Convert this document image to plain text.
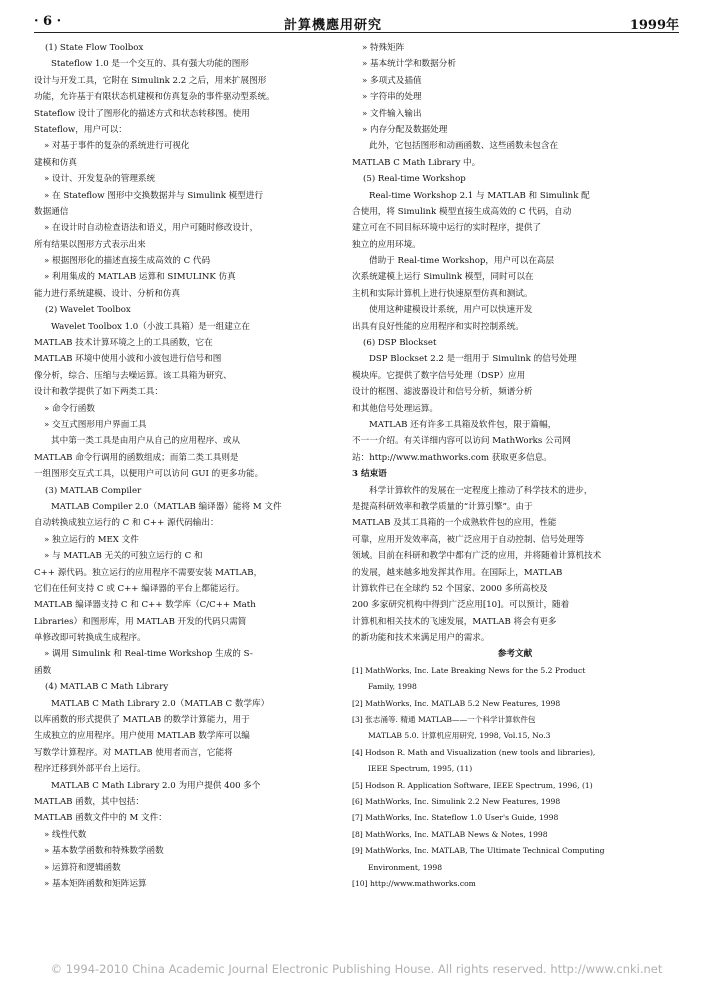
· 6 ·	計算機應用研究	1999年
(1) State Flow Toolbox
Stateflow 1.0 是一个交互的、具有强大功能的图形
设计与开发工具，它附在 Simulink 2.2 之后，用来扩展图形
功能，允许基于有限状态机建模和仿真复杂的事件驱动型系统。
Stateflow 设计了图形化的描述方式和状态转移图。使用
Stateflow，用户可以：
» 对基于事件的复杂的系统进行可视化
建模和仿真
» 设计、开发复杂的管理系统
» 在 Stateflow 图形中交换数据并与 Simulink 模型进行
数据通信
» 在设计时自动检查语法和语义，用户可随时修改设计，
所有结果以图形方式表示出来
» 根据图形化的描述直接生成高效的 C 代码
» 利用集成的 MATLAB 运算和 SIMULINK 仿真
能力进行系统建模、设计、分析和仿真
(2) Wavelet Toolbox
Wavelet Toolbox 1.0（小波工具箱）是一组建立在
MATLAB 技术计算环境之上的工具函数，它在
MATLAB 环境中使用小波和小波包进行信号和图
像分析，综合、压缩与去噪运算。该工具箱为研究、
设计和教学提供了如下两类工具：
» 命令行函数
» 交互式图形用户界面工具
其中第一类工具是由用户从自己的应用程序、或从
MATLAB 命令行调用的函数组成；而第二类工具则是
一组图形交互式工具，以便用户可以访问 GUI 的更多功能。
(3) MATLAB Compiler
MATLAB Compiler 2.0（MATLAB 编译器）能将 M 文件
自动转换成独立运行的 C 和 C++ 源代码输出：
» 独立运行的 MEX 文件
» 与 MATLAB 无关的可独立运行的 C 和
C++ 源代码。独立运行的应用程序不需要安装 MATLAB，
它们在任何支持 C 或 C++ 编译器的平台上都能运行。
MATLAB 编译器支持 C 和 C++ 数学库（C/C++ Math
Libraries）和图形库，用 MATLAB 开发的代码只需简
单修改即可转换成生成程序。
» 调用 Simulink 和 Real-time Workshop 生成的 S-
函数
(4) MATLAB C Math Library
MATLAB C Math Library 2.0（MATLAB C 数学库）
以库函数的形式提供了 MATLAB 的数学计算能力，用于
生成独立的应用程序。用户使用 MATLAB 数学库可以编
写数学计算程序。对 MATLAB 使用者而言，它能将
程序迁移到外部平台上运行。
MATLAB C Math Library 2.0 为用户提供 400 多个
MATLAB 函数，其中包括：
MATLAB 函数文件中的 M 文件：
» 线性代数
» 基本数学函数和特殊数学函数
» 运算符和逻辑函数
» 基本矩阵函数和矩阵运算
» 特殊矩阵
» 基本统计学和数据分析
» 多项式及插值
» 字符串的处理
» 文件输入输出
» 内存分配及数据处理
此外，它包括图形和动画函数、这些函数未包含在
MATLAB C Math Library 中。
(5) Real-time Workshop
Real-time Workshop 2.1 与 MATLAB 和 Simulink 配
合使用，将 Simulink 模型直接生成高效的 C 代码，自动
建立可在不同目标环境中运行的实时程序，提供了
独立的应用环境。
借助于 Real-time Workshop，用户可以在高层
次系统建模上运行 Simulink 模型，同时可以在
主机和实际计算机上进行快速原型仿真和测试。
使用这种建模设计系统，用户可以快速开发
出具有良好性能的应用程序和实时控制系统。
(6) DSP Blockset
DSP Blockset 2.2 是一组用于 Simulink 的信号处理
模块库。它提供了数字信号处理（DSP）应用
设计的框图、滤波器设计和信号分析，频谱分析
和其他信号处理运算。
MATLAB 还有许多工具箱及软件包，限于篇幅，
不一一介绍。有关详细内容可以访问 MathWorks 公司网
站：http://www.mathworks.com 获取更多信息。
3 结束语
科学计算软件的发展在一定程度上推动了科学技术的进步，
是提高科研效率和教学质量的“计算引擎”。由于
MATLAB 及其工具箱的一个成熟软件包的应用，性能
可靠，应用开发效率高，被广泛应用于自动控制、信号处理等
领域。目前在科研和教学中都有广泛的应用，并将随着计算机技术
的发展，越来越多地发挥其作用。在国际上，MATLAB
计算软件已在全球约 52 个国家、2000 多所高校及
200 多家研究机构中得到广泛应用[10]。可以预计，随着
计算机和相关技术的飞速发展，MATLAB 将会有更多
的新功能和技术来满足用户的需求。
参考文献
[1] MathWorks, Inc. Late Breaking News for the 5.2 Product
Family, 1998
[2] MathWorks, Inc. MATLAB 5.2 New Features, 1998
[3] 张志涌等. 精通 MATLAB——一个科学计算软件包
MATLAB 5.0. 计算机应用研究, 1998, Vol.15, No.3
[4] Hodson R. Math and Visualization (new tools and libraries),
IEEE Spectrum, 1995, (11)
[5] Hodson R. Application Software, IEEE Spectrum, 1996, (1)
[6] MathWorks, Inc. Simulink 2.2 New Features, 1998
[7] MathWorks, Inc. Stateflow 1.0 User's Guide, 1998
[8] MathWorks, Inc. MATLAB News & Notes, 1998
[9] MathWorks, Inc. MATLAB, The Ultimate Technical Computing
Environment, 1998
[10] http://www.mathworks.com
© 1994-2010 China Academic Journal Electronic Publishing House. All rights reserved. http://www.cnki.net
